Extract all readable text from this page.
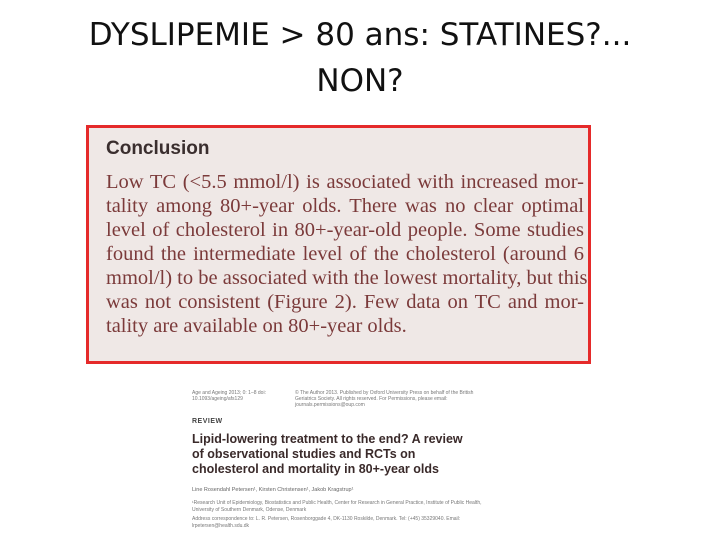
DYSLIPEMIE > 80 ans: STATINES?...
NON?
Conclusion

Low TC (<5.5 mmol/l) is associated with increased mor-
tality among 80+-year olds. There was no clear optimal
level of cholesterol in 80+-year-old people. Some studies
found the intermediate level of the cholesterol (around 6
mmol/l) to be associated with the lowest mortality, but this
was not consistent (Figure 2). Few data on TC and mor-
tality are available on 80+-year olds.

Age and Ageing 2013; 0: 1–8 doi: 10.1093/ageing/afs129
© The Author 2013. Published by Oxford University Press on behalf of the British Geriatrics Society. All rights reserved. For Permissions, please email: journals.permissions@oup.com
REVIEW
Lipid-lowering treatment to the end? A review
of observational studies and RCTs on
cholesterol and mortality in 80+-year olds
Line Rosendahl Petersen¹, Kirsten Christensen¹, Jakob Kragstrup¹
¹Research Unit of Epidemiology, Biostatistics and Public Health, Center for Research in General Practice, Institute of Public Health, University of Southern Denmark, Odense, Denmark
Address correspondence to: L. R. Petersen, Rosenborggade 4, DK-1130 Roskilde, Denmark. Tel: (+45) 35329040. Email: lrpetersen@health.sdu.dk
